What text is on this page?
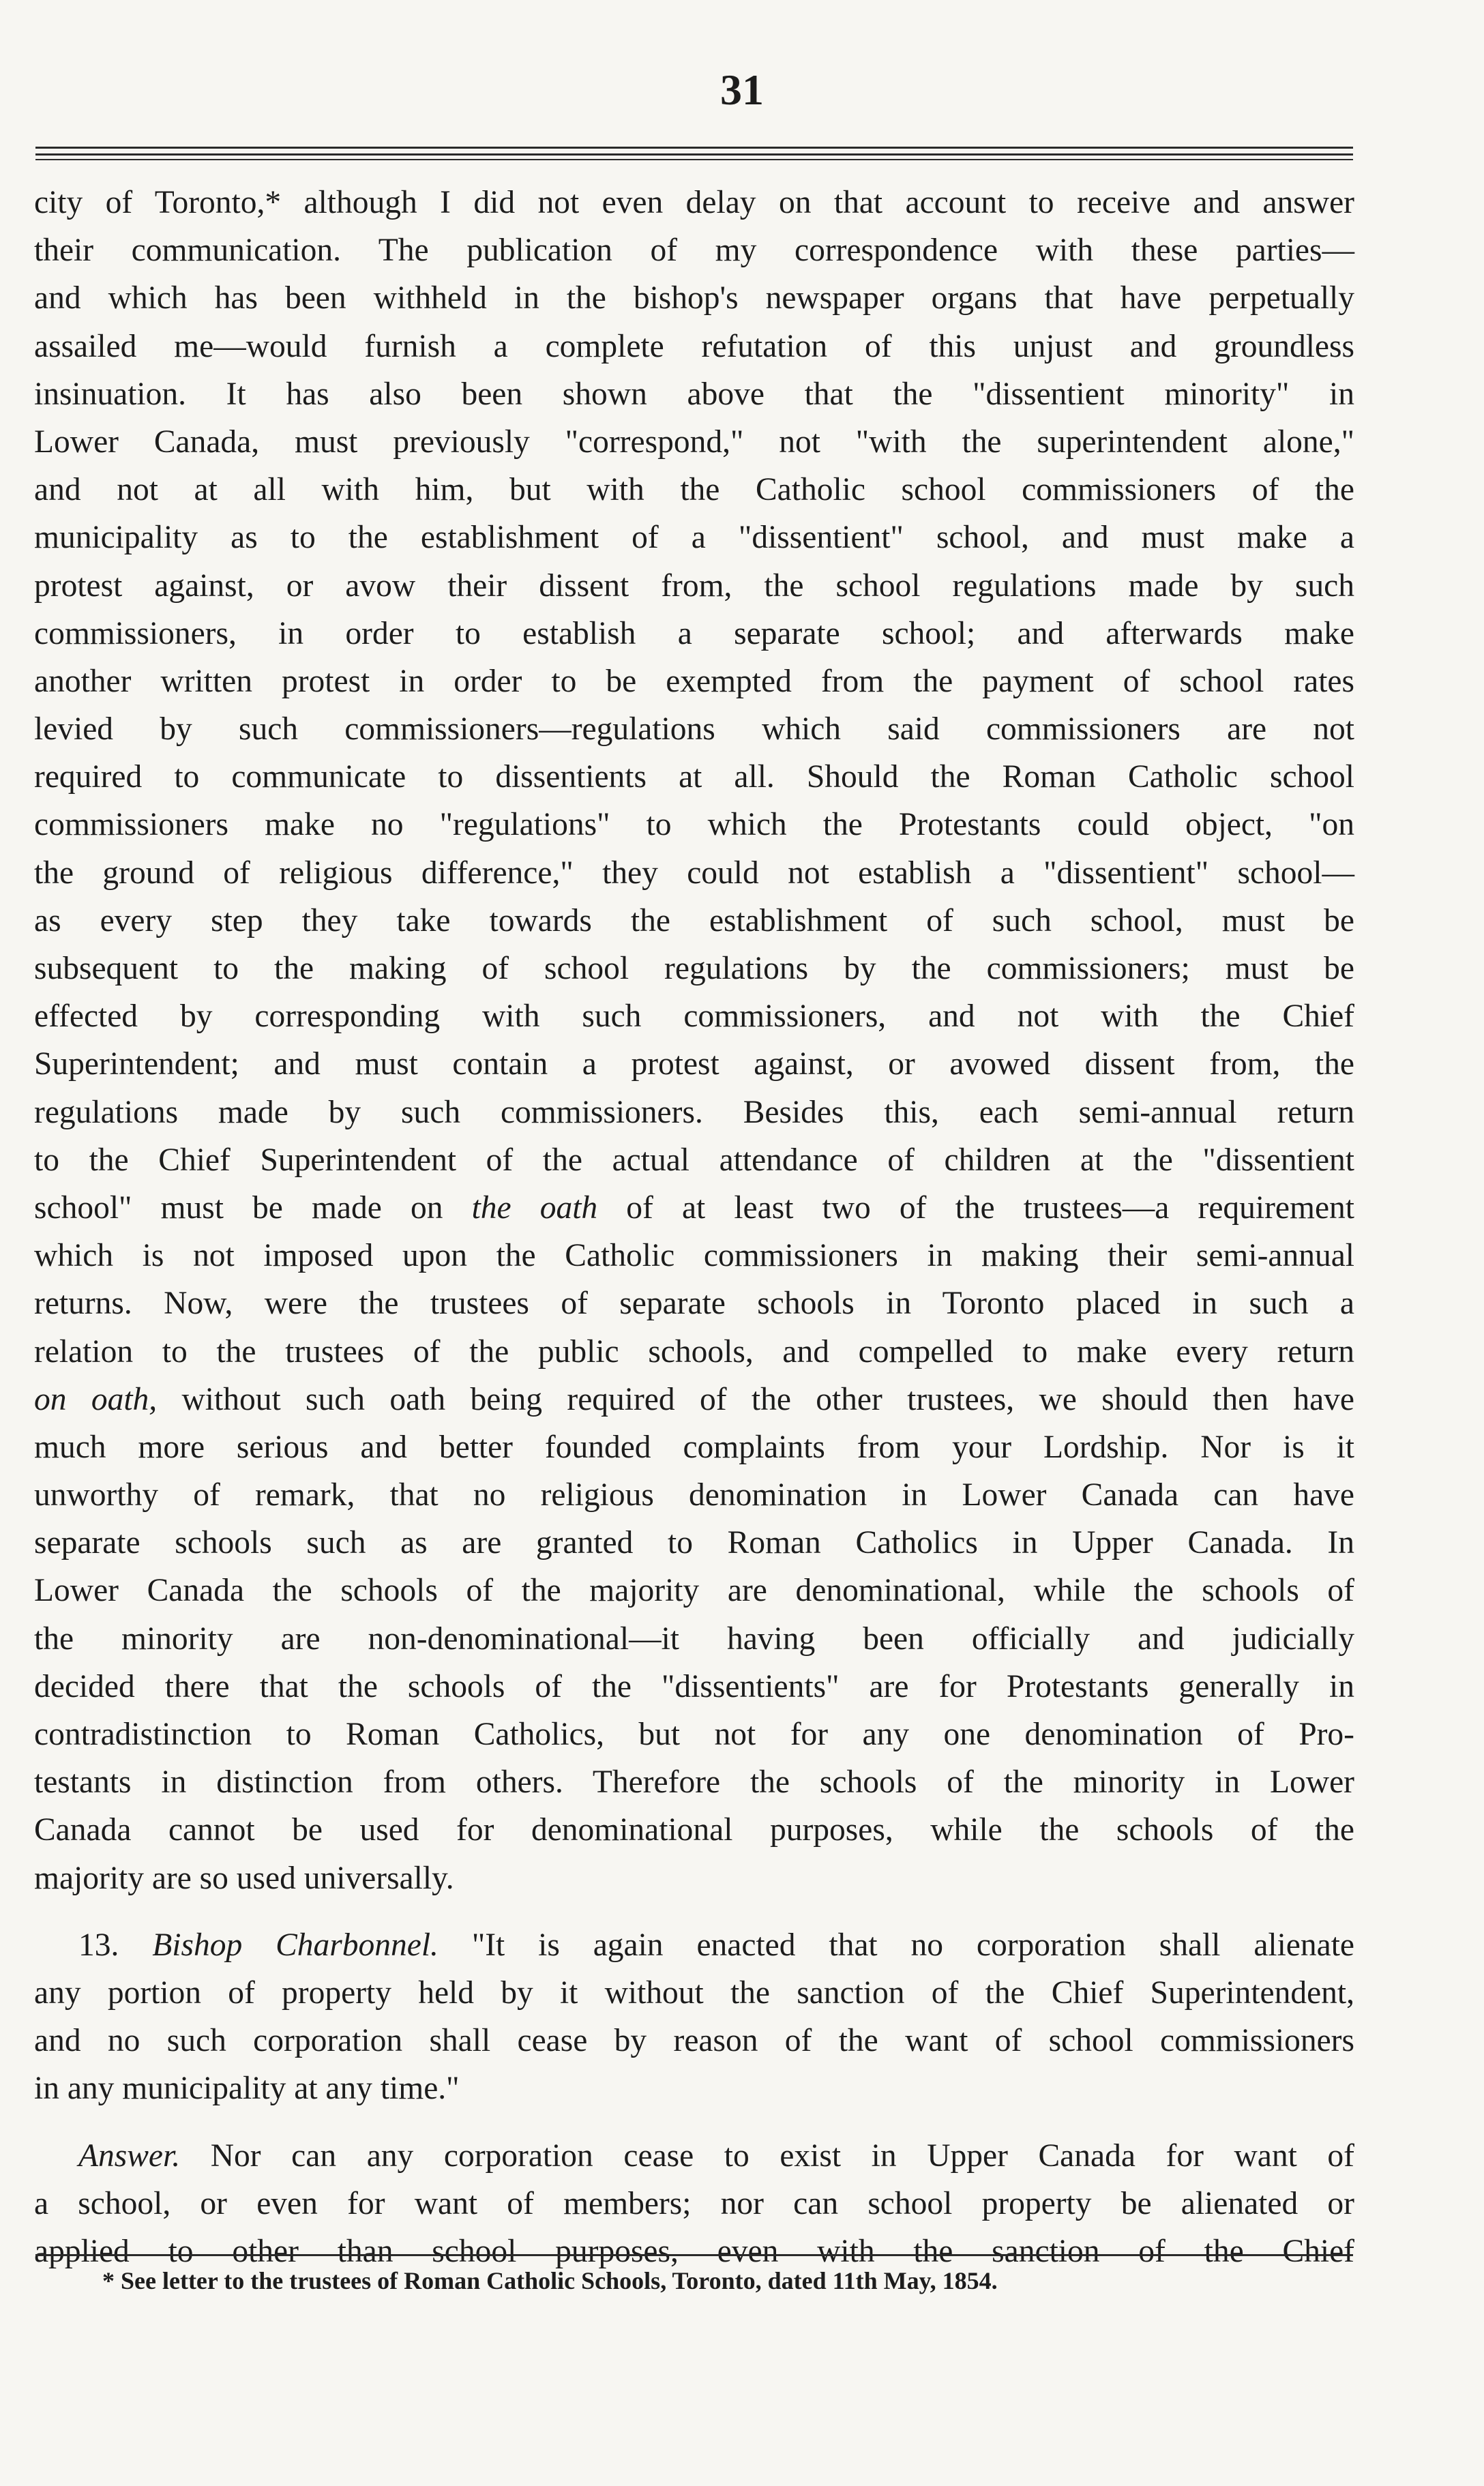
31
city of Toronto,* although I did not even delay on that account to receive and answer
their communication. The publication of my correspondence with these parties—
and which has been withheld in the bishop's newspaper organs that have perpetually
assailed me—would furnish a complete refutation of this unjust and groundless
insinuation. It has also been shown above that the "dissentient minority" in
Lower Canada, must previously "correspond," not "with the superintendent alone,"
and not at all with him, but with the Catholic school commissioners of the
municipality as to the establishment of a "dissentient" school, and must make a
protest against, or avow their dissent from, the school regulations made by such
commissioners, in order to establish a separate school; and afterwards make
another written protest in order to be exempted from the payment of school rates
levied by such commissioners—regulations which said commissioners are not
required to communicate to dissentients at all. Should the Roman Catholic school
commissioners make no "regulations" to which the Protestants could object, "on
the ground of religious difference," they could not establish a "dissentient" school—
as every step they take towards the establishment of such school, must be
subsequent to the making of school regulations by the commissioners; must be
effected by corresponding with such commissioners, and not with the Chief
Superintendent; and must contain a protest against, or avowed dissent from, the
regulations made by such commissioners. Besides this, each semi-annual return
to the Chief Superintendent of the actual attendance of children at the "dissentient
school" must be made on the oath of at least two of the trustees—a requirement
which is not imposed upon the Catholic commissioners in making their semi-annual
returns. Now, were the trustees of separate schools in Toronto placed in such a
relation to the trustees of the public schools, and compelled to make every return
on oath, without such oath being required of the other trustees, we should then have
much more serious and better founded complaints from your Lordship. Nor is it
unworthy of remark, that no religious denomination in Lower Canada can have
separate schools such as are granted to Roman Catholics in Upper Canada. In
Lower Canada the schools of the majority are denominational, while the schools of
the minority are non-denominational—it having been officially and judicially
decided there that the schools of the "dissentients" are for Protestants generally in
contradistinction to Roman Catholics, but not for any one denomination of Pro-
testants in distinction from others. Therefore the schools of the minority in Lower
Canada cannot be used for denominational purposes, while the schools of the
majority are so used universally.
13. Bishop Charbonnel. "It is again enacted that no corporation shall alienate
any portion of property held by it without the sanction of the Chief Superintendent,
and no such corporation shall cease by reason of the want of school commissioners
in any municipality at any time."
Answer. Nor can any corporation cease to exist in Upper Canada for want of
a school, or even for want of members; nor can school property be alienated or
applied to other than school purposes, even with the sanction of the Chief
* See letter to the trustees of Roman Catholic Schools, Toronto, dated 11th May, 1854.
